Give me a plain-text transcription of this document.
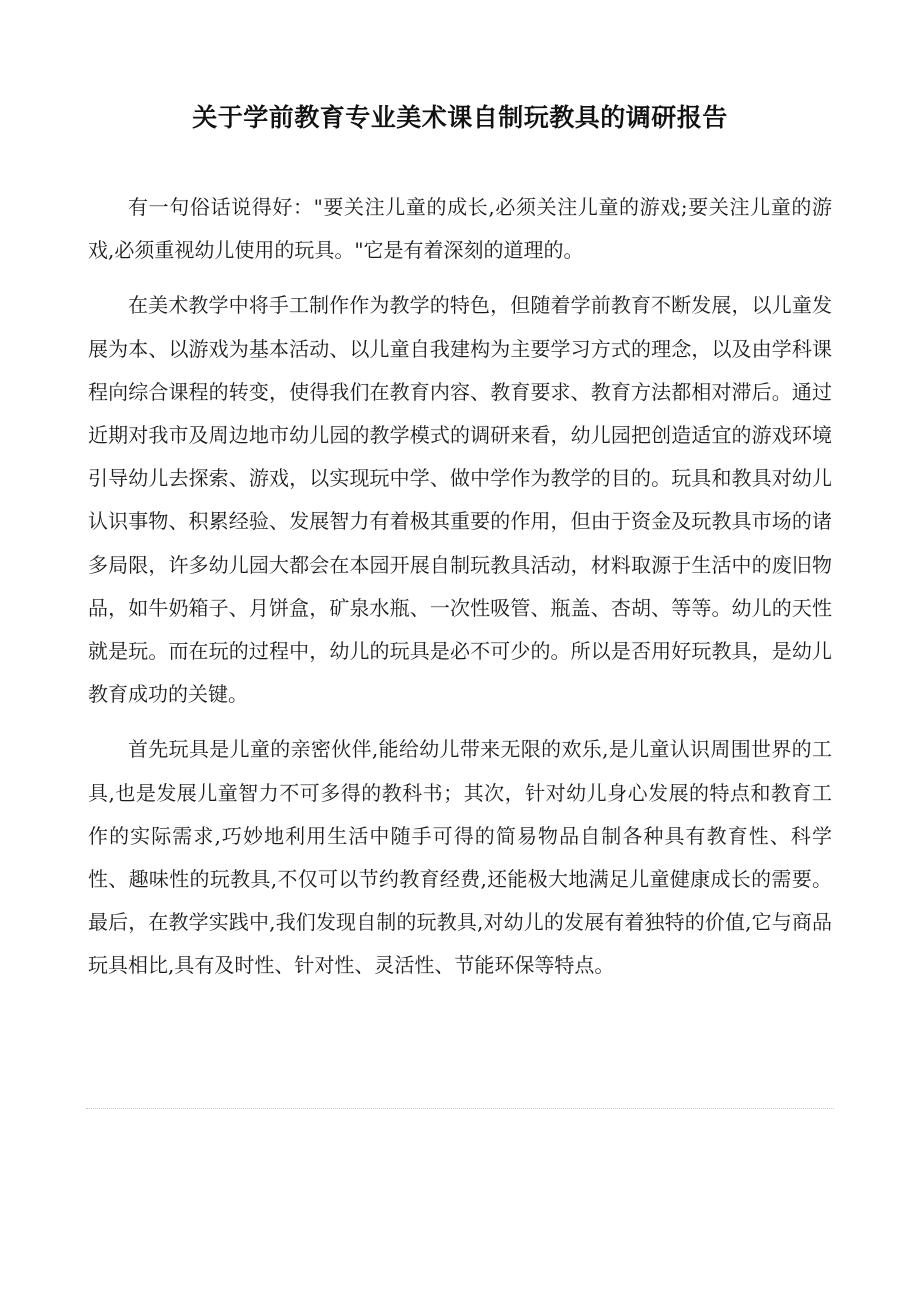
关于学前教育专业美术课自制玩教具的调研报告

有一句俗话说得好："要关注儿童的成长,必须关注儿童的游戏;要关注儿童的游戏,必须重视幼儿使用的玩具。"它是有着深刻的道理的。

在美术教学中将手工制作作为教学的特色，但随着学前教育不断发展，以儿童发展为本、以游戏为基本活动、以儿童自我建构为主要学习方式的理念，以及由学科课程向综合课程的转变，使得我们在教育内容、教育要求、教育方法都相对滞后。通过近期对我市及周边地市幼儿园的教学模式的调研来看，幼儿园把创造适宜的游戏环境引导幼儿去探索、游戏，以实现玩中学、做中学作为教学的目的。玩具和教具对幼儿认识事物、积累经验、发展智力有着极其重要的作用，但由于资金及玩教具市场的诸多局限，许多幼儿园大都会在本园开展自制玩教具活动，材料取源于生活中的废旧物品，如牛奶箱子、月饼盒，矿泉水瓶、一次性吸管、瓶盖、杏胡、等等。幼儿的天性就是玩。而在玩的过程中，幼儿的玩具是必不可少的。所以是否用好玩教具，是幼儿教育成功的关键。

首先玩具是儿童的亲密伙伴,能给幼儿带来无限的欢乐,是儿童认识周围世界的工具,也是发展儿童智力不可多得的教科书；其次，针对幼儿身心发展的特点和教育工作的实际需求,巧妙地利用生活中随手可得的简易物品自制各种具有教育性、科学性、趣味性的玩教具,不仅可以节约教育经费,还能极大地满足儿童健康成长的需要。最后，在教学实践中,我们发现自制的玩教具,对幼儿的发展有着独特的价值,它与商品玩具相比,具有及时性、针对性、灵活性、节能环保等特点。
